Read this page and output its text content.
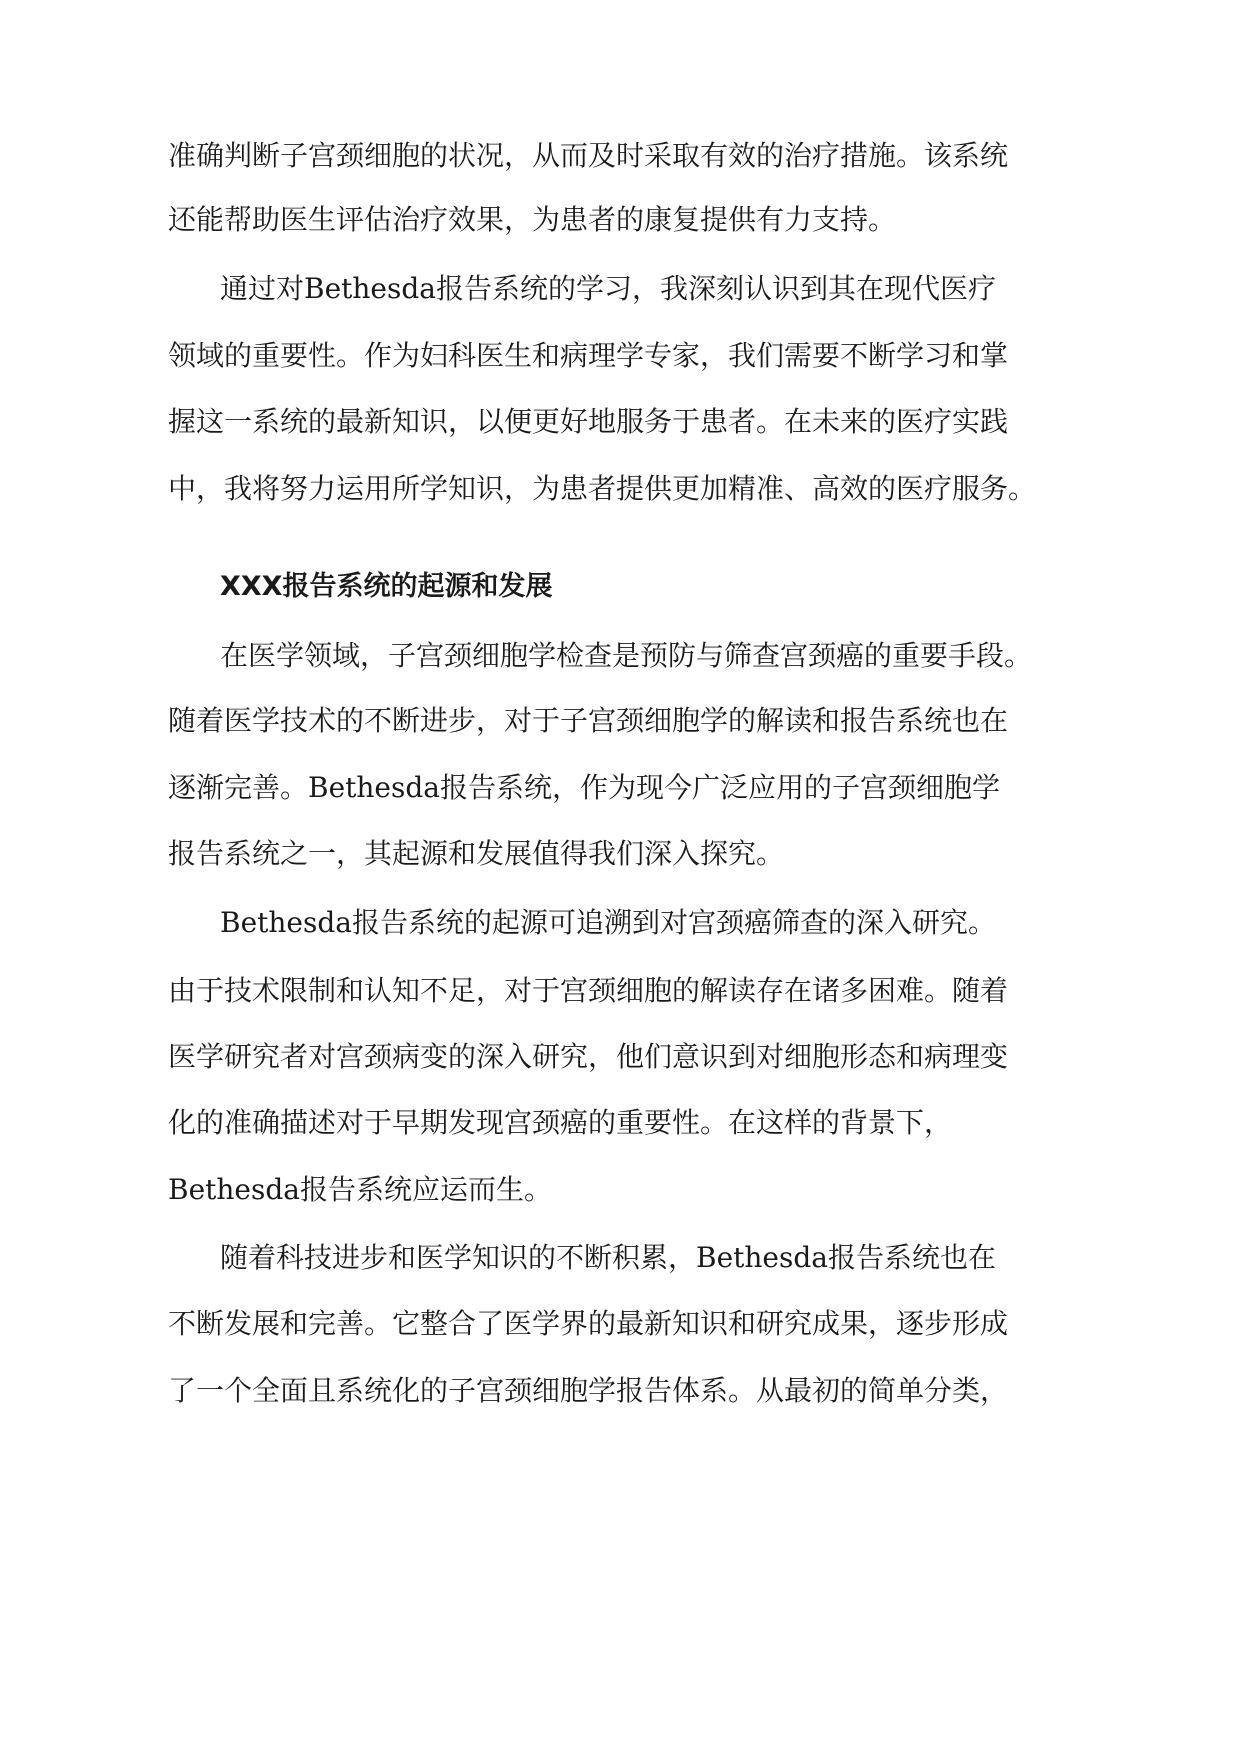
准确判断子宫颈细胞的状况，从而及时采取有效的治疗措施。该系统
还能帮助医生评估治疗效果，为患者的康复提供有力支持。
通过对Bethesda报告系统的学习，我深刻认识到其在现代医疗
领域的重要性。作为妇科医生和病理学专家，我们需要不断学习和掌
握这一系统的最新知识，以便更好地服务于患者。在未来的医疗实践
中，我将努力运用所学知识，为患者提供更加精准、高效的医疗服务。
XXX报告系统的起源和发展
在医学领域，子宫颈细胞学检查是预防与筛查宫颈癌的重要手段。
随着医学技术的不断进步，对于子宫颈细胞学的解读和报告系统也在
逐渐完善。Bethesda报告系统，作为现今广泛应用的子宫颈细胞学
报告系统之一，其起源和发展值得我们深入探究。
Bethesda报告系统的起源可追溯到对宫颈癌筛查的深入研究。
由于技术限制和认知不足，对于宫颈细胞的解读存在诸多困难。随着
医学研究者对宫颈病变的深入研究，他们意识到对细胞形态和病理变
化的准确描述对于早期发现宫颈癌的重要性。在这样的背景下，
Bethesda报告系统应运而生。
随着科技进步和医学知识的不断积累，Bethesda报告系统也在
不断发展和完善。它整合了医学界的最新知识和研究成果，逐步形成
了一个全面且系统化的子宫颈细胞学报告体系。从最初的简单分类，
